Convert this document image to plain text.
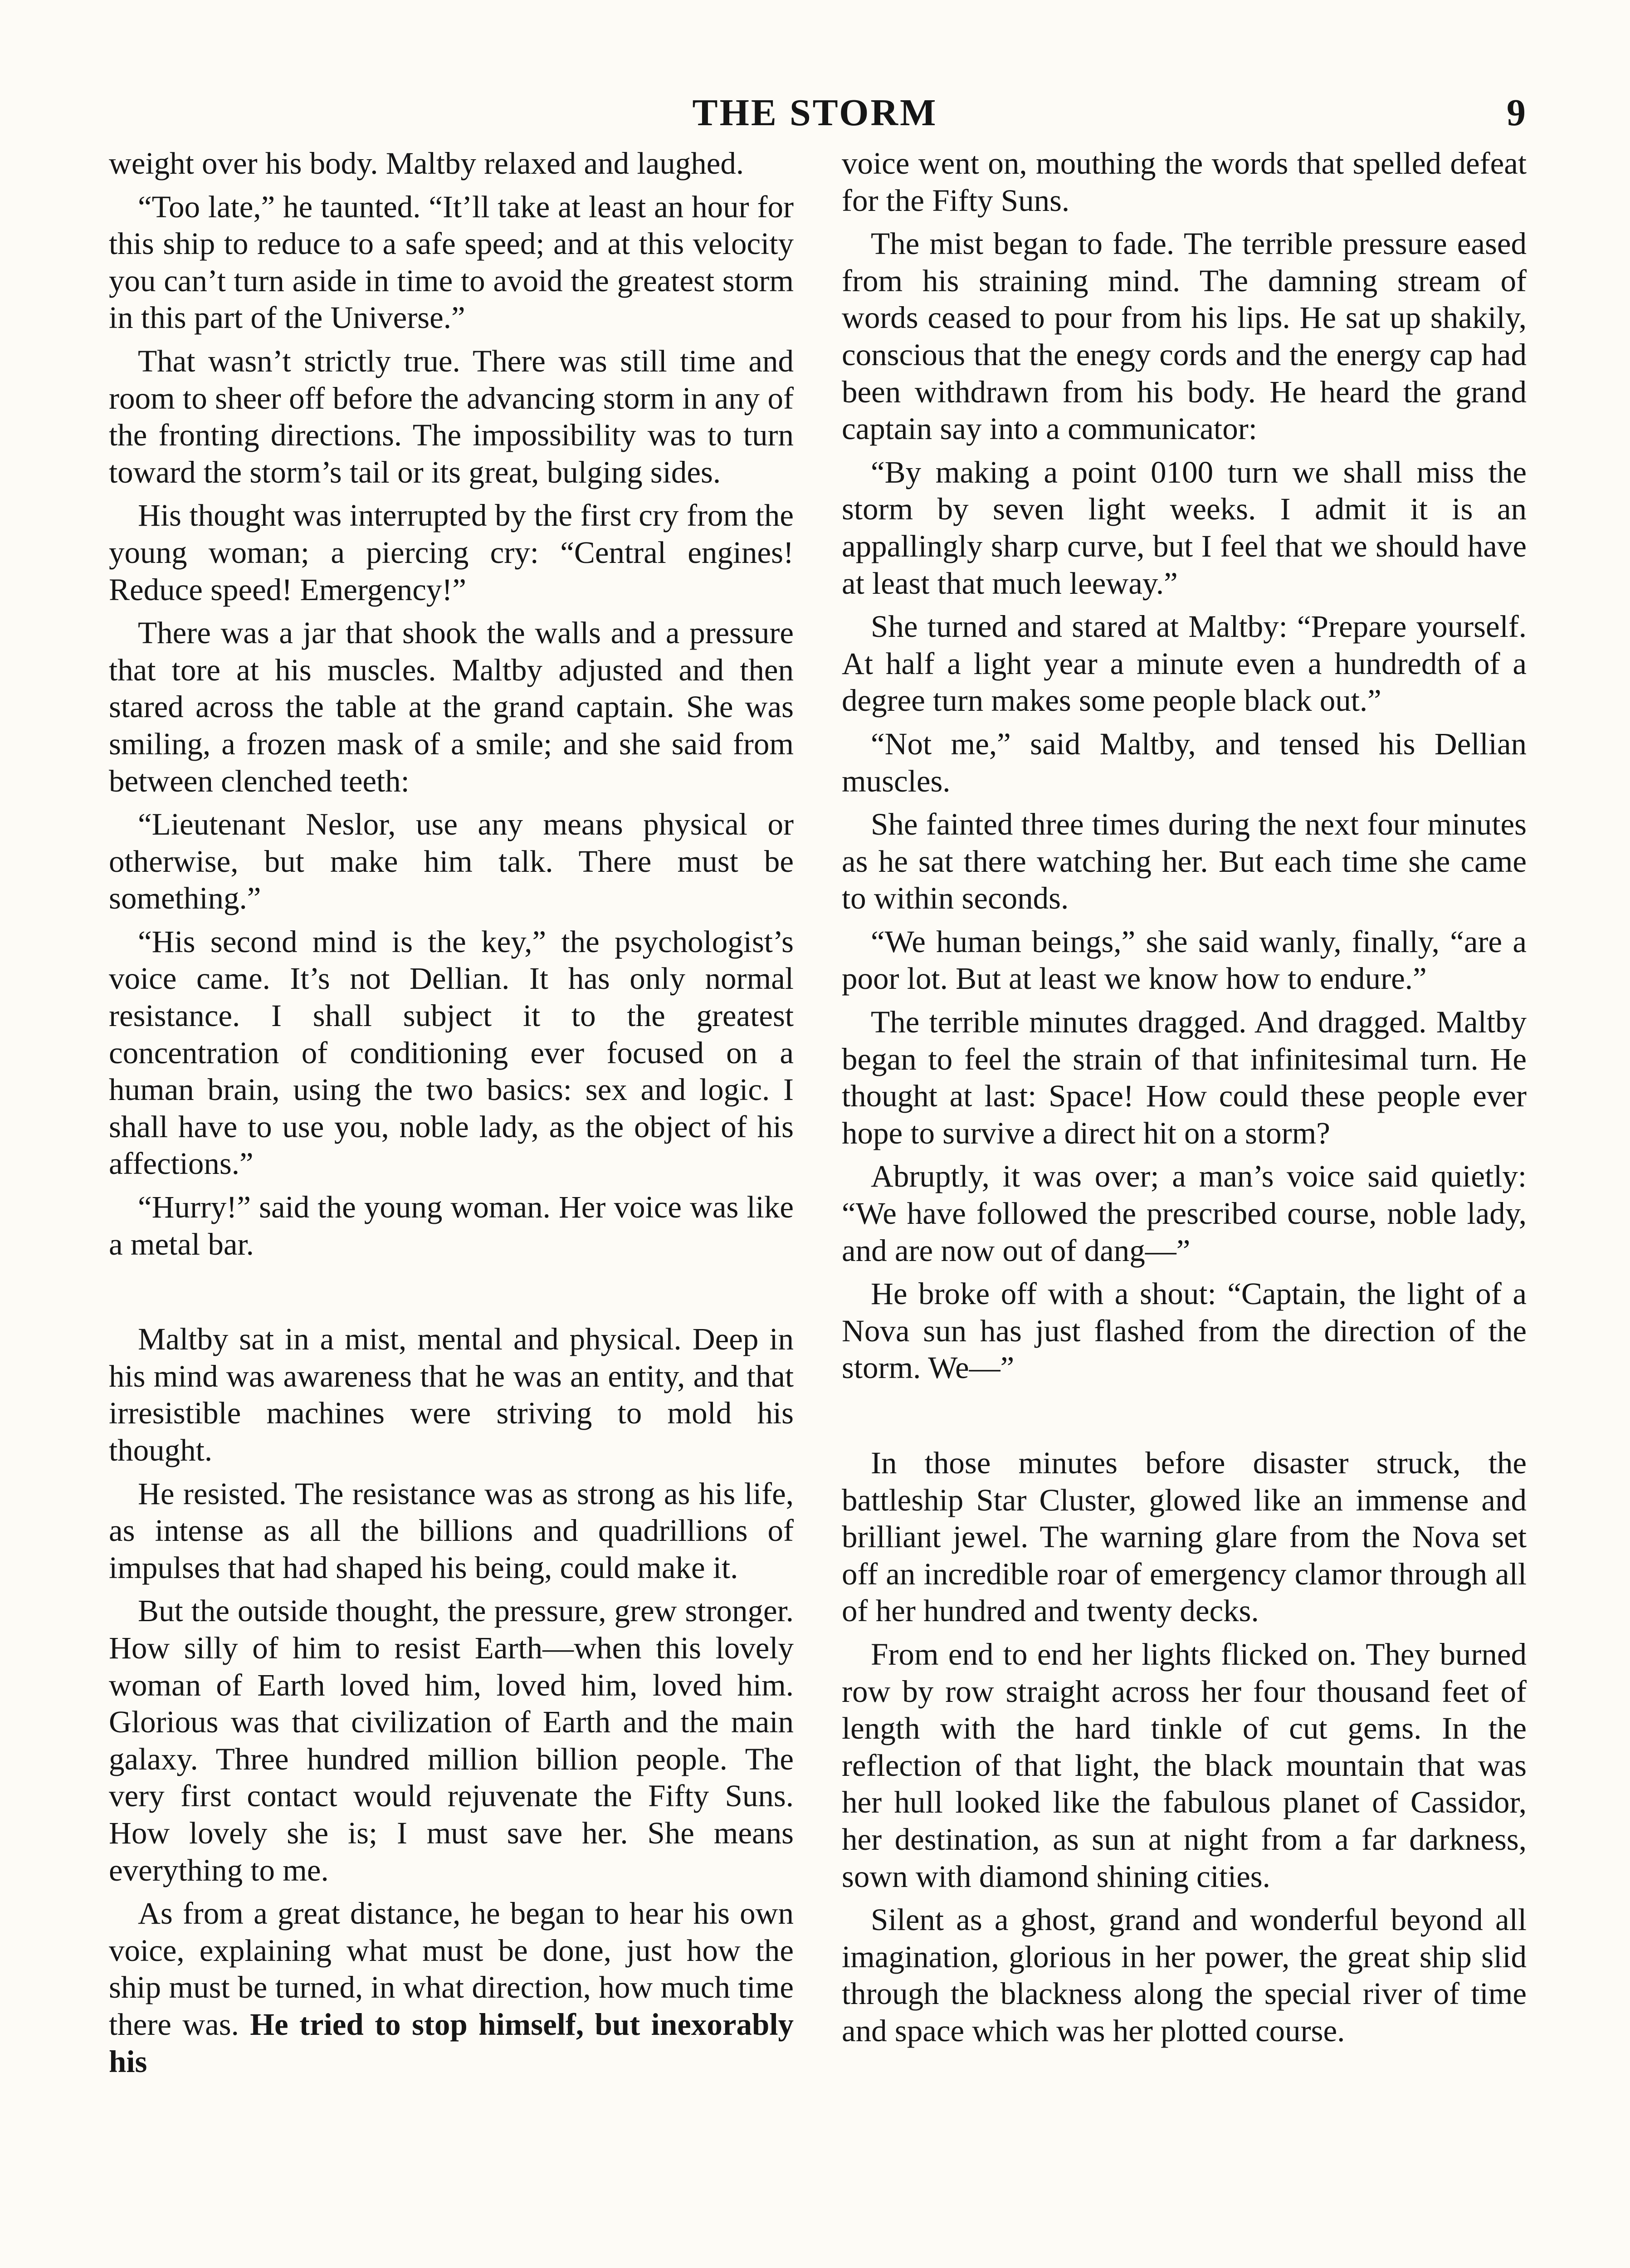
THE STORM	9

weight over his body. Maltby relaxed and laughed.

“Too late,” he taunted. “It’ll take at least an hour for this ship to reduce to a safe speed; and at this velocity you can’t turn aside in time to avoid the greatest storm in this part of the Universe.”

That wasn’t strictly true. There was still time and room to sheer off before the advancing storm in any of the fronting directions. The impossibility was to turn toward the storm’s tail or its great, bulging sides.

His thought was interrupted by the first cry from the young woman; a piercing cry: “Central engines! Reduce speed! Emergency!”

There was a jar that shook the walls and a pressure that tore at his muscles. Maltby adjusted and then stared across the table at the grand captain. She was smiling, a frozen mask of a smile; and she said from between clenched teeth:

“Lieutenant Neslor, use any means physical or otherwise, but make him talk. There must be something.”

“His second mind is the key,” the psychologist’s voice came. It’s not Dellian. It has only normal resistance. I shall subject it to the greatest concentration of conditioning ever focused on a human brain, using the two basics: sex and logic. I shall have to use you, noble lady, as the object of his affections.”

“Hurry!” said the young woman. Her voice was like a metal bar.

Maltby sat in a mist, mental and physical. Deep in his mind was awareness that he was an entity, and that irresistible machines were striving to mold his thought.

He resisted. The resistance was as strong as his life, as intense as all the billions and quadrillions of impulses that had shaped his being, could make it.

But the outside thought, the pressure, grew stronger. How silly of him to resist Earth—when this lovely woman of Earth loved him, loved him, loved him. Glorious was that civilization of Earth and the main galaxy. Three hundred million billion people. The very first contact would rejuvenate the Fifty Suns. How lovely she is; I must save her. She means everything to me.

As from a great distance, he began to hear his own voice, explaining what must be done, just how the ship must be turned, in what direction, how much time there was. He tried to stop himself, but inexorably his

voice went on, mouthing the words that spelled defeat for the Fifty Suns.

The mist began to fade. The terrible pressure eased from his straining mind. The damning stream of words ceased to pour from his lips. He sat up shakily, conscious that the enegy cords and the energy cap had been withdrawn from his body. He heard the grand captain say into a communicator:

“By making a point 0100 turn we shall miss the storm by seven light weeks. I admit it is an appallingly sharp curve, but I feel that we should have at least that much leeway.”

She turned and stared at Maltby: “Prepare yourself. At half a light year a minute even a hundredth of a degree turn makes some people black out.”

“Not me,” said Maltby, and tensed his Dellian muscles.

She fainted three times during the next four minutes as he sat there watching her. But each time she came to within seconds.

“We human beings,” she said wanly, finally, “are a poor lot. But at least we know how to endure.”

The terrible minutes dragged. And dragged. Maltby began to feel the strain of that infinitesimal turn. He thought at last: Space! How could these people ever hope to survive a direct hit on a storm?

Abruptly, it was over; a man’s voice said quietly: “We have followed the prescribed course, noble lady, and are now out of dang—”

He broke off with a shout: “Captain, the light of a Nova sun has just flashed from the direction of the storm. We—”

In those minutes before disaster struck, the battleship Star Cluster, glowed like an immense and brilliant jewel. The warning glare from the Nova set off an incredible roar of emergency clamor through all of her hundred and twenty decks.

From end to end her lights flicked on. They burned row by row straight across her four thousand feet of length with the hard tinkle of cut gems. In the reflection of that light, the black mountain that was her hull looked like the fabulous planet of Cassidor, her destination, as sun at night from a far darkness, sown with diamond shining cities.

Silent as a ghost, grand and wonderful beyond all imagination, glorious in her power, the great ship slid through the blackness along the special river of time and space which was her plotted course.
